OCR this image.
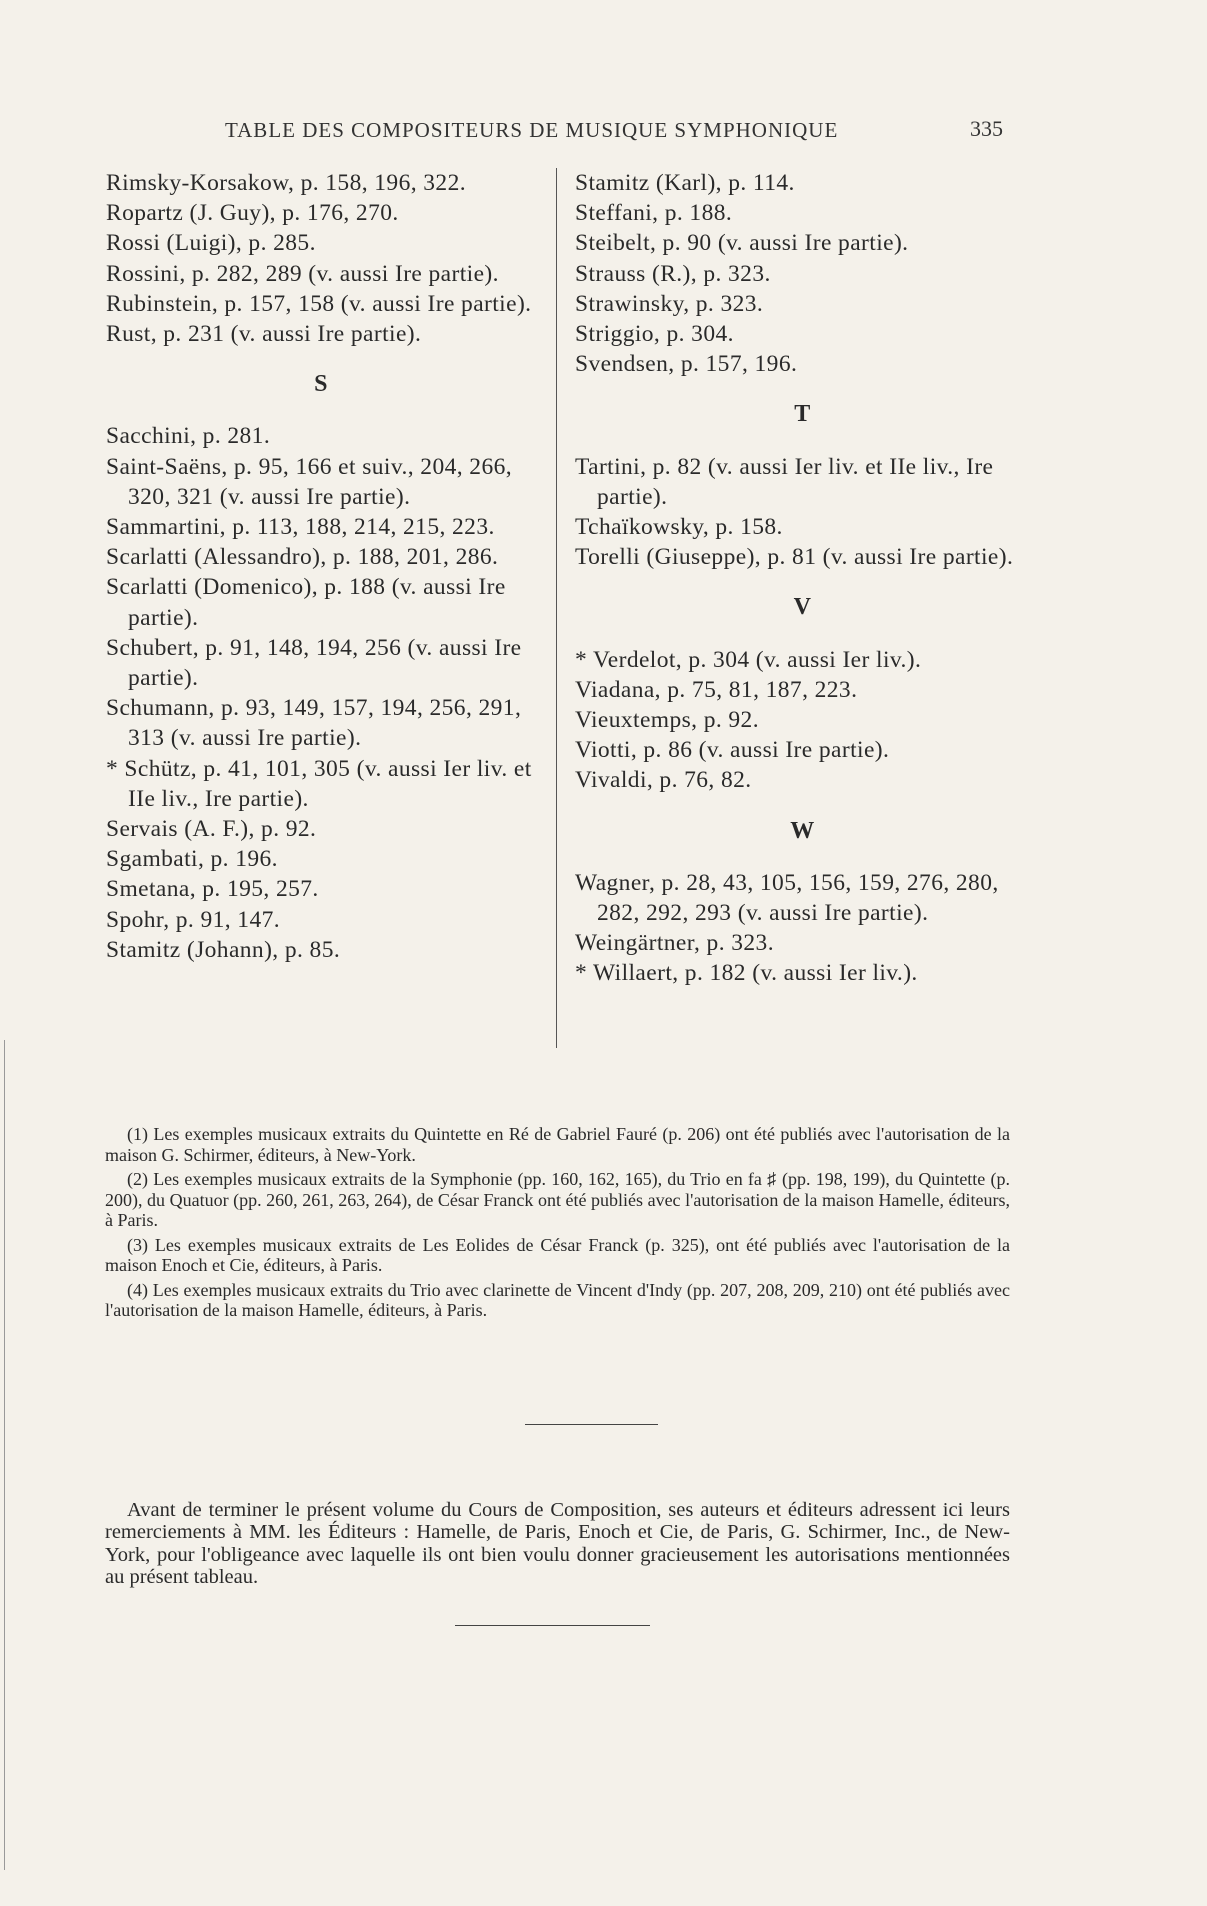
TABLE DES COMPOSITEURS DE MUSIQUE SYMPHONIQUE	335

Rimsky-Korsakow, p. 158, 196, 322.

Ropartz (J. Guy), p. 176, 270.

Rossi (Luigi), p. 285.

Rossini, p. 282, 289 (v. aussi Ire partie).

Rubinstein, p. 157, 158 (v. aussi Ire partie).

Rust, p. 231 (v. aussi Ire partie).

S

Sacchini, p. 281.

Saint-Saëns, p. 95, 166 et suiv., 204, 266, 320, 321 (v. aussi Ire partie).

Sammartini, p. 113, 188, 214, 215, 223.

Scarlatti (Alessandro), p. 188, 201, 286.

Scarlatti (Domenico), p. 188 (v. aussi Ire partie).

Schubert, p. 91, 148, 194, 256 (v. aussi Ire partie).

Schumann, p. 93, 149, 157, 194, 256, 291, 313 (v. aussi Ire partie).

* Schütz, p. 41, 101, 305 (v. aussi Ier liv. et IIe liv., Ire partie).

Servais (A. F.), p. 92.

Sgambati, p. 196.

Smetana, p. 195, 257.

Spohr, p. 91, 147.

Stamitz (Johann), p. 85.

Stamitz (Karl), p. 114.

Steffani, p. 188.

Steibelt, p. 90 (v. aussi Ire partie).

Strauss (R.), p. 323.

Strawinsky, p. 323.

Striggio, p. 304.

Svendsen, p. 157, 196.

T

Tartini, p. 82 (v. aussi Ier liv. et IIe liv., Ire partie).

Tchaïkowsky, p. 158.

Torelli (Giuseppe), p. 81 (v. aussi Ire partie).

V

* Verdelot, p. 304 (v. aussi Ier liv.).

Viadana, p. 75, 81, 187, 223.

Vieuxtemps, p. 92.

Viotti, p. 86 (v. aussi Ire partie).

Vivaldi, p. 76, 82.

W

Wagner, p. 28, 43, 105, 156, 159, 276, 280, 282, 292, 293 (v. aussi Ire partie).

Weingärtner, p. 323.

* Willaert, p. 182 (v. aussi Ier liv.).

(1) Les exemples musicaux extraits du Quintette en Ré de Gabriel Fauré (p. 206) ont été publiés avec l'autorisation de la maison G. Schirmer, éditeurs, à New-York.

(2) Les exemples musicaux extraits de la Symphonie (pp. 160, 162, 165), du Trio en fa ♯ (pp. 198, 199), du Quintette (p. 200), du Quatuor (pp. 260, 261, 263, 264), de César Franck ont été publiés avec l'autorisation de la maison Hamelle, éditeurs, à Paris.

(3) Les exemples musicaux extraits de Les Eolides de César Franck (p. 325), ont été publiés avec l'autorisation de la maison Enoch et Cie, éditeurs, à Paris.

(4) Les exemples musicaux extraits du Trio avec clarinette de Vincent d'Indy (pp. 207, 208, 209, 210) ont été publiés avec l'autorisation de la maison Hamelle, éditeurs, à Paris.

Avant de terminer le présent volume du Cours de Composition, ses auteurs et éditeurs adressent ici leurs remerciements à MM. les Éditeurs : Hamelle, de Paris, Enoch et Cie, de Paris, G. Schirmer, Inc., de New-York, pour l'obligeance avec laquelle ils ont bien voulu donner gracieusement les autorisations mentionnées au présent tableau.
